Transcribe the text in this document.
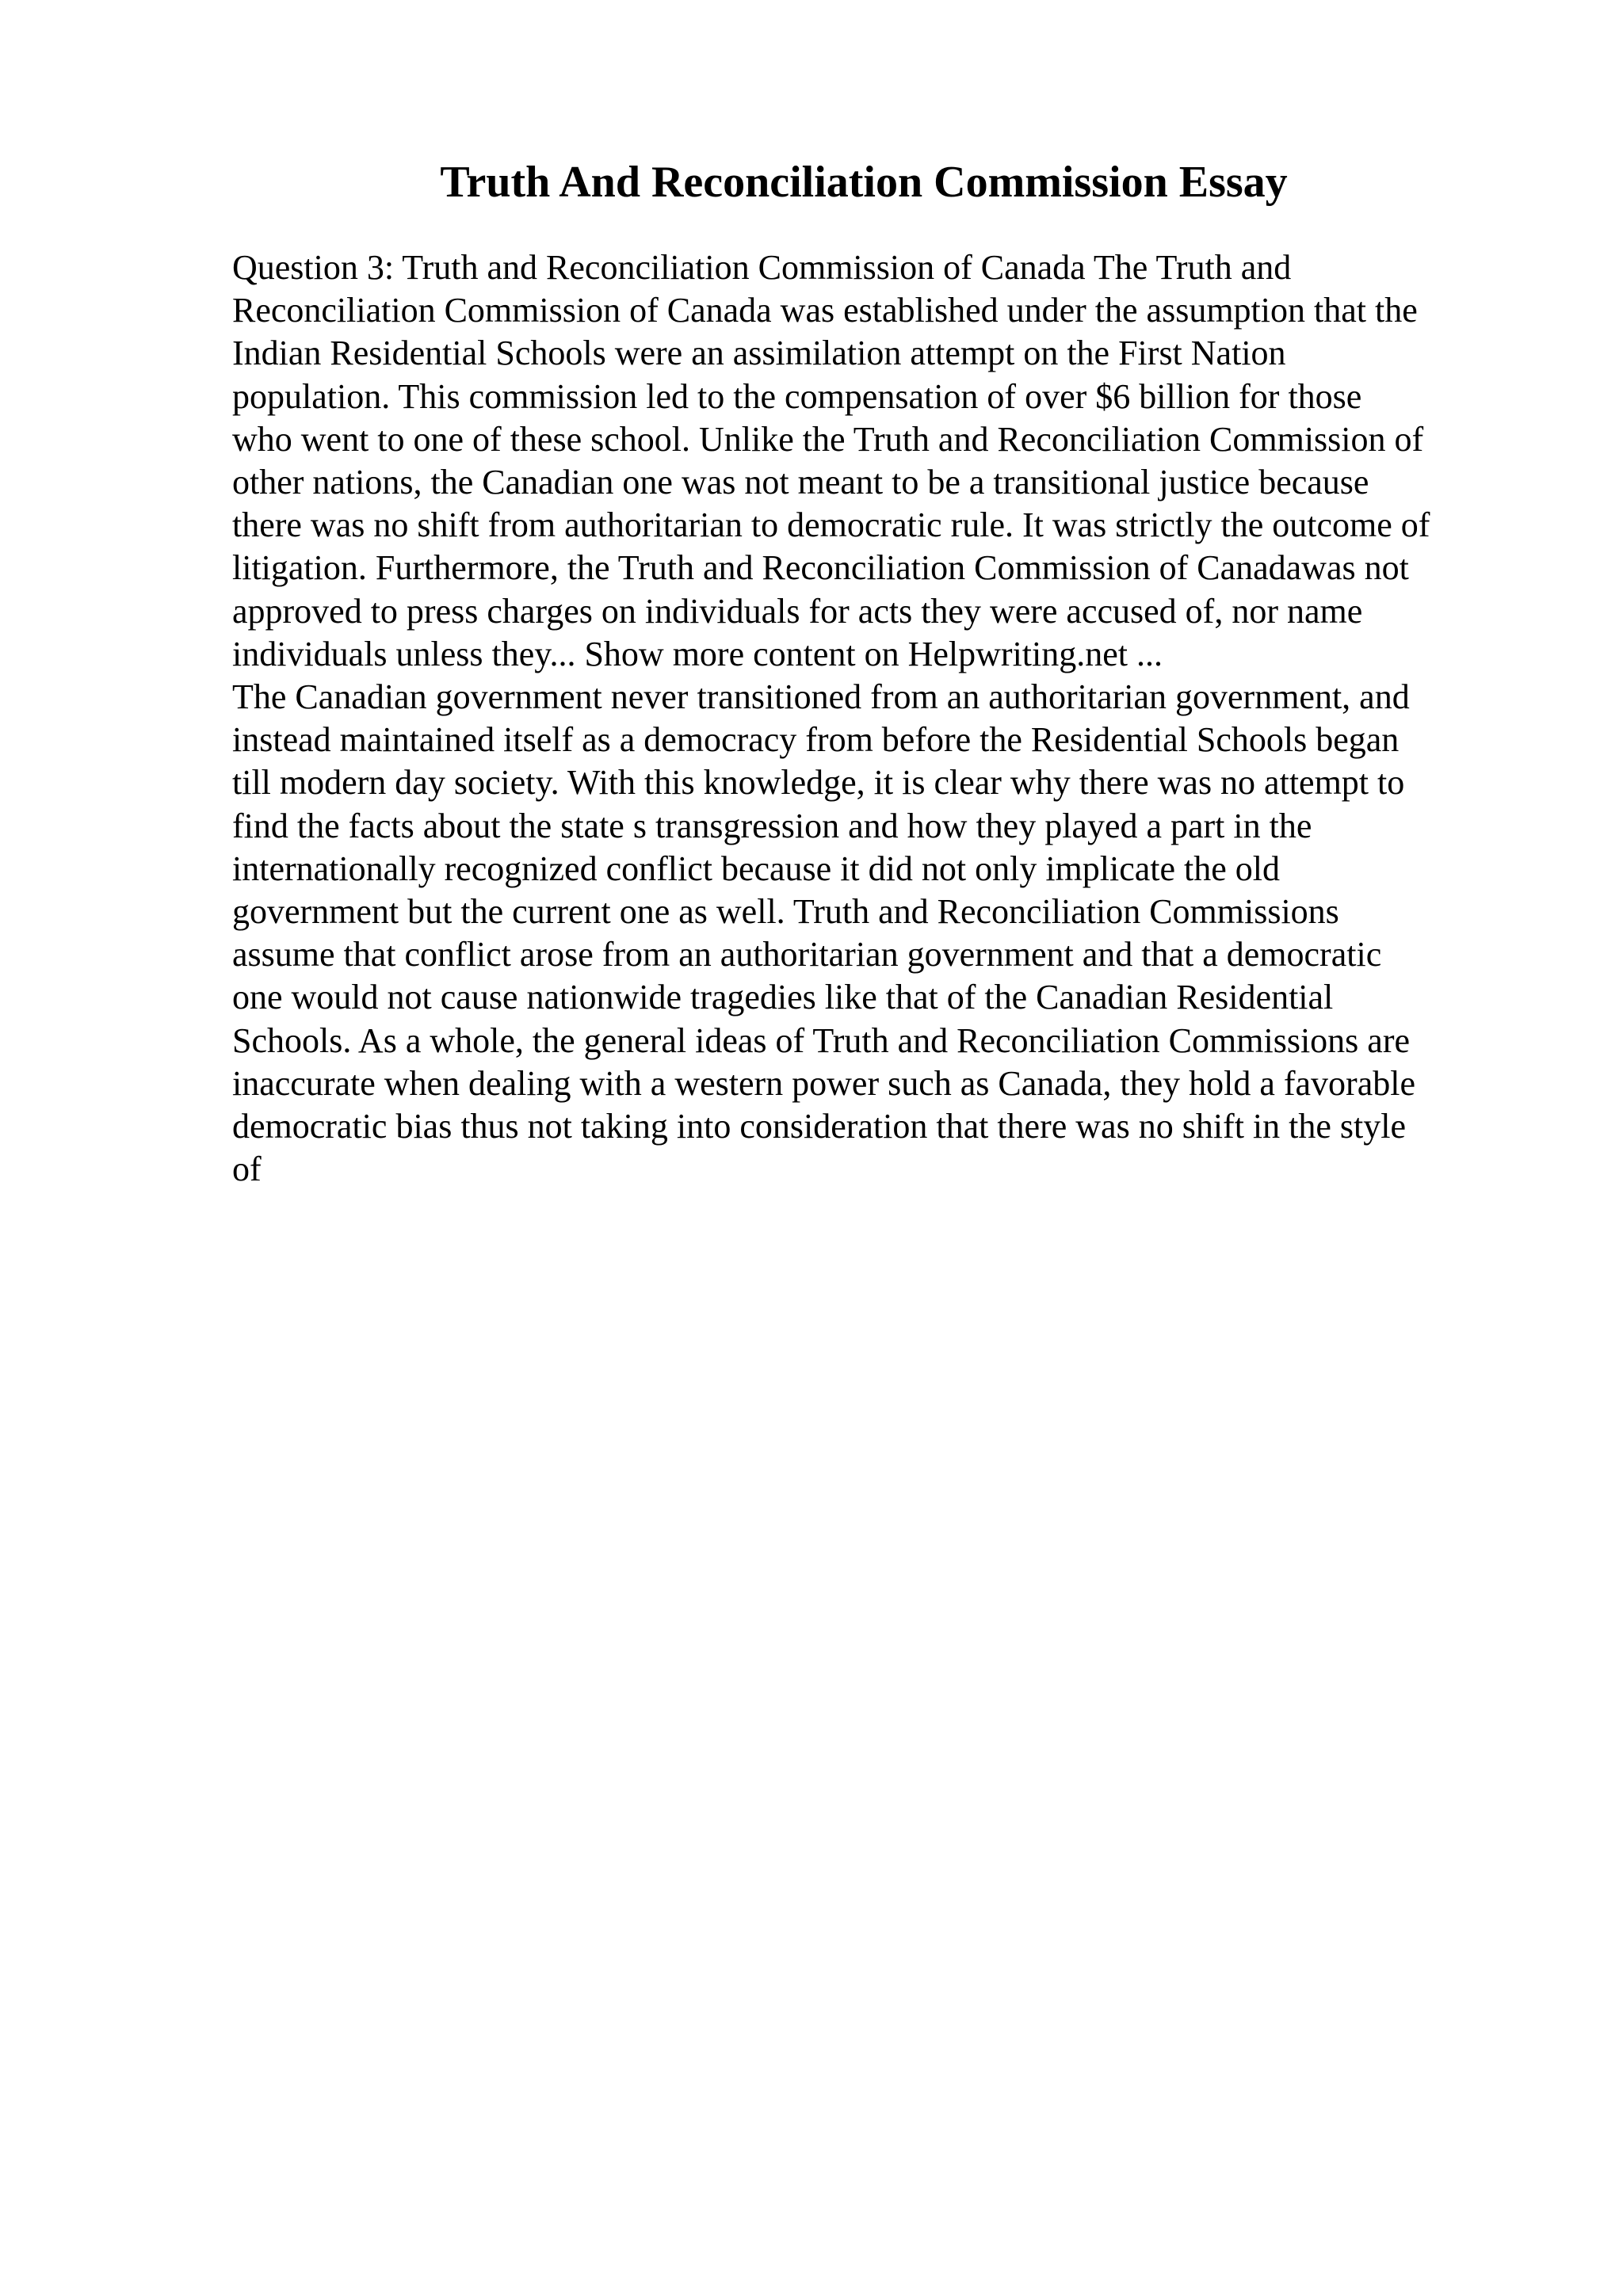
Truth And Reconciliation Commission Essay
Question 3: Truth and Reconciliation Commission of Canada The Truth and
Reconciliation Commission of Canada was established under the assumption that the
Indian Residential Schools were an assimilation attempt on the First Nation
population. This commission led to the compensation of over $6 billion for those
who went to one of these school. Unlike the Truth and Reconciliation Commission of
other nations, the Canadian one was not meant to be a transitional justice because
there was no shift from authoritarian to democratic rule. It was strictly the outcome of
litigation. Furthermore, the Truth and Reconciliation Commission of Canadawas not
approved to press charges on individuals for acts they were accused of, nor name
individuals unless they... Show more content on Helpwriting.net ...
The Canadian government never transitioned from an authoritarian government, and
instead maintained itself as a democracy from before the Residential Schools began
till modern day society. With this knowledge, it is clear why there was no attempt to
find the facts about the state s transgression and how they played a part in the
internationally recognized conflict because it did not only implicate the old
government but the current one as well. Truth and Reconciliation Commissions
assume that conflict arose from an authoritarian government and that a democratic
one would not cause nationwide tragedies like that of the Canadian Residential
Schools. As a whole, the general ideas of Truth and Reconciliation Commissions are
inaccurate when dealing with a western power such as Canada, they hold a favorable
democratic bias thus not taking into consideration that there was no shift in the style
of
